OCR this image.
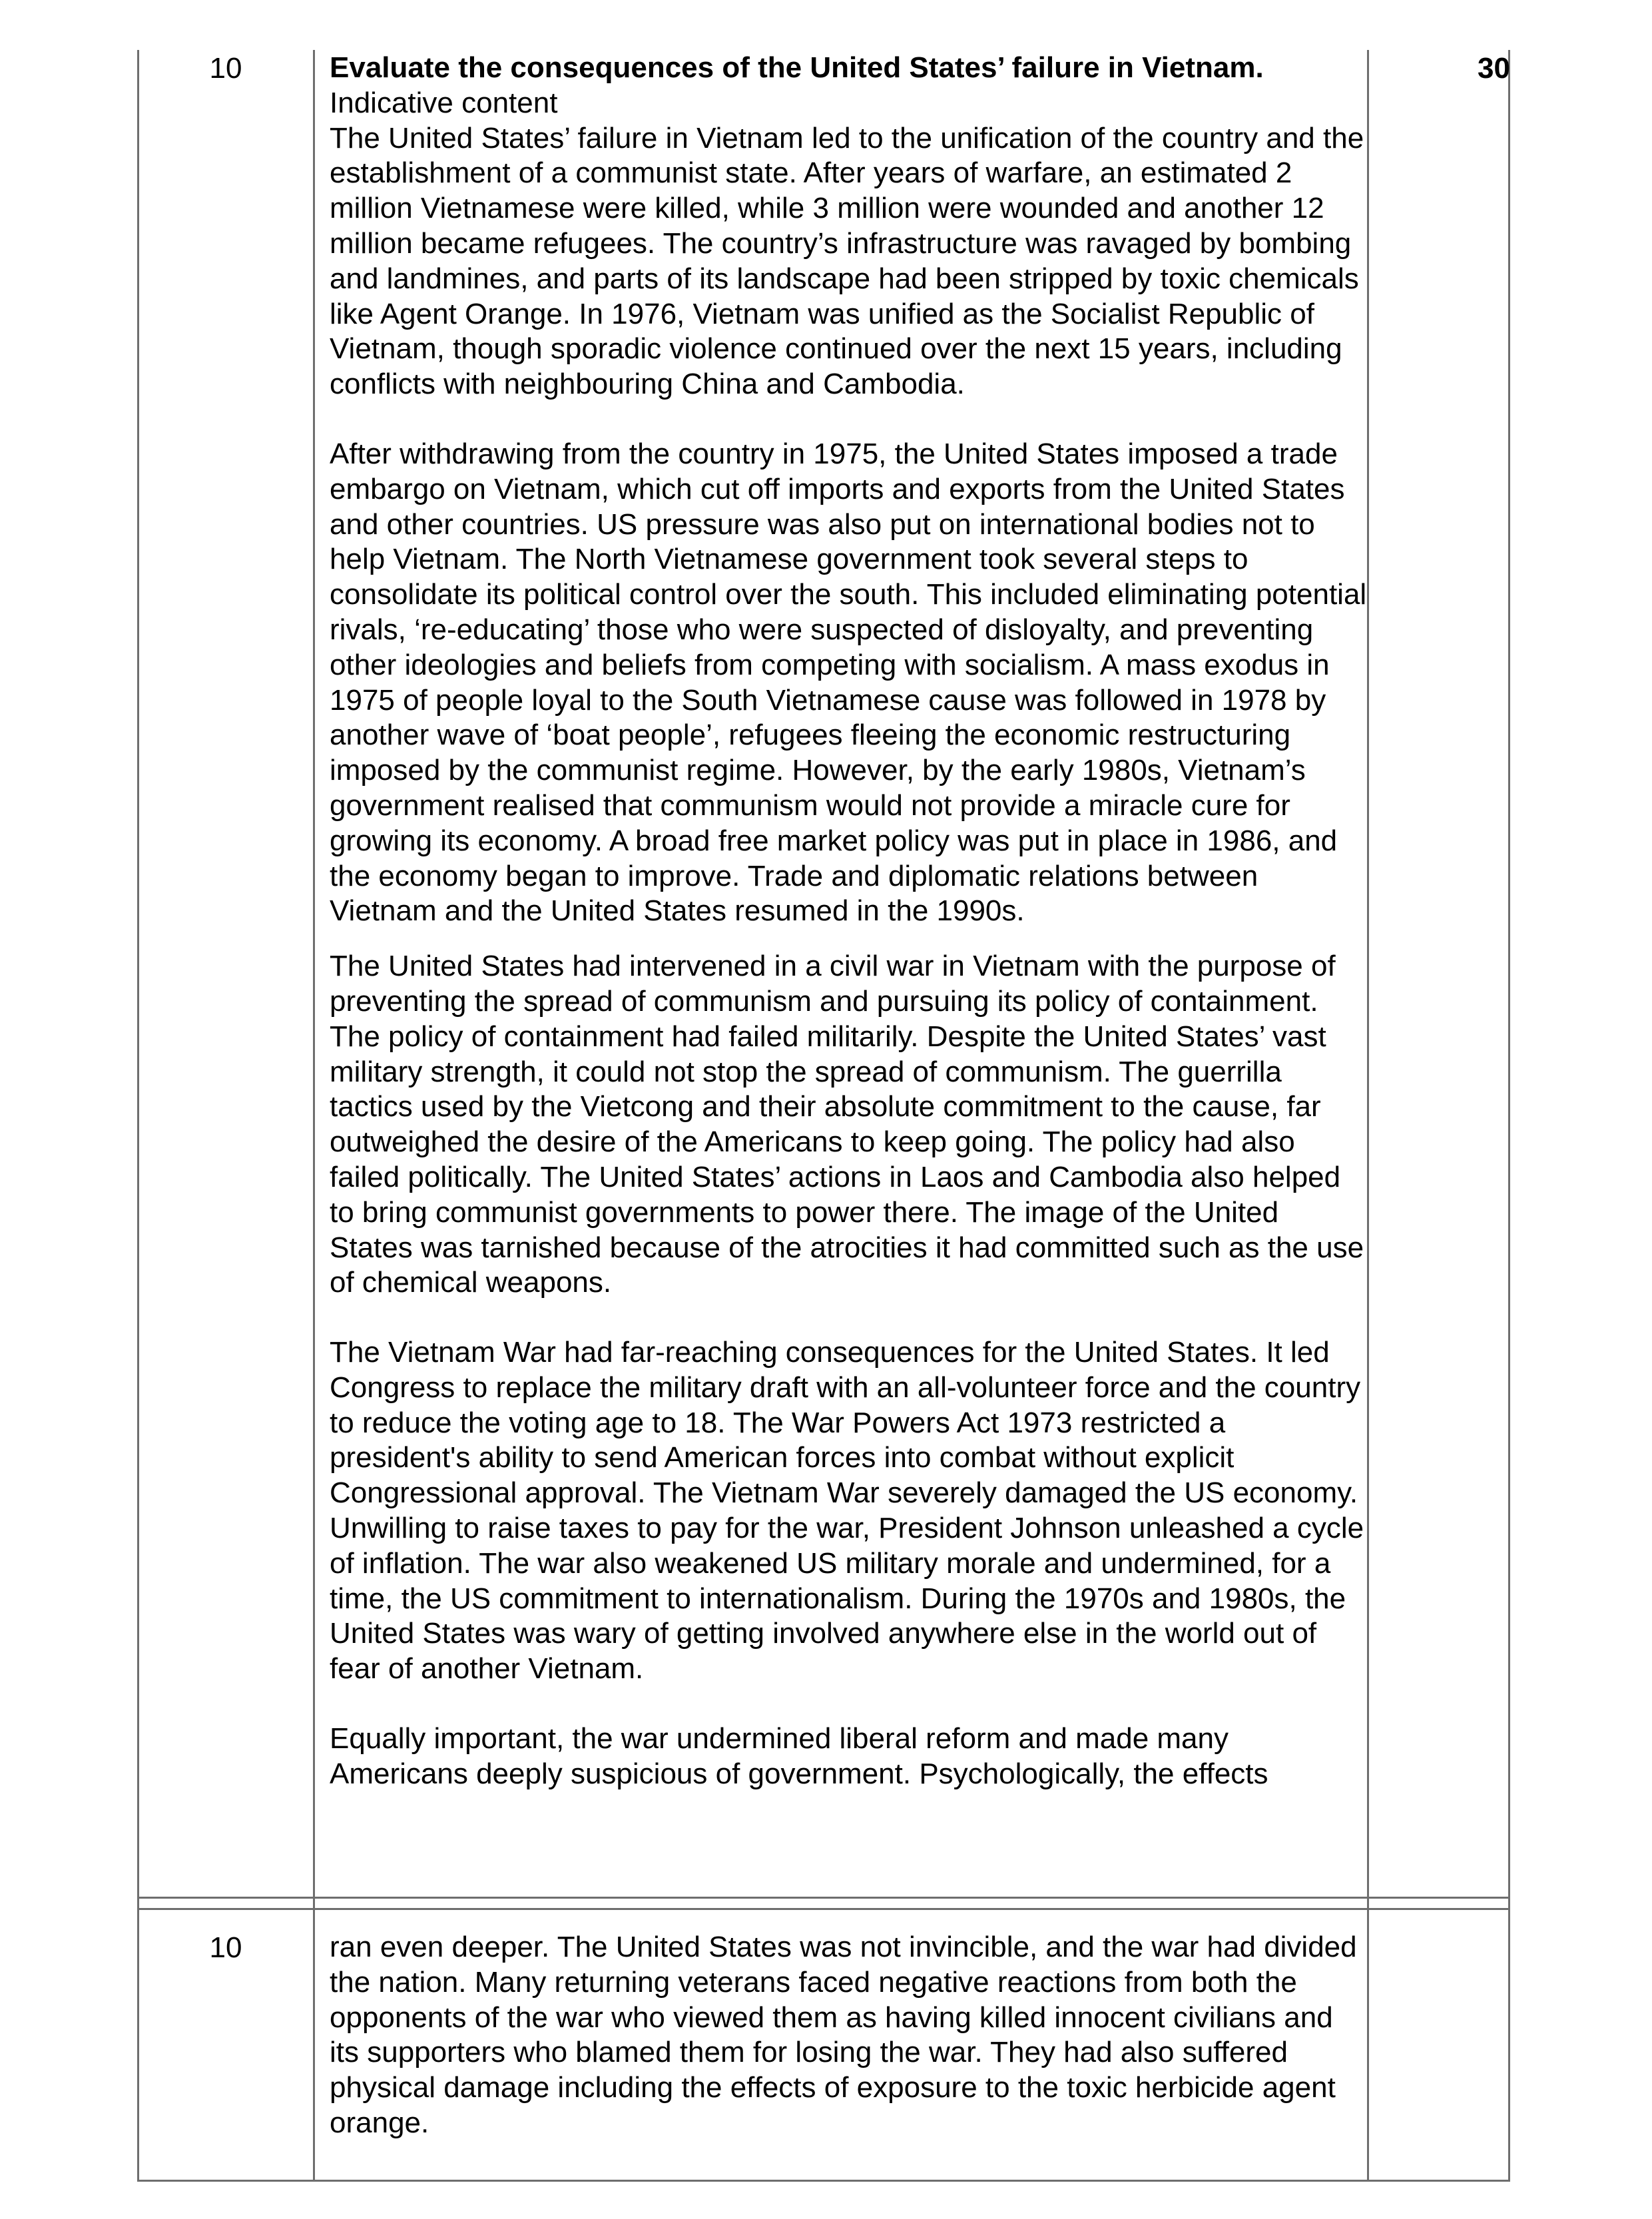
10	Evaluate the consequences of the United States’ failure in Vietnam.

Indicative content

The United States’ failure in Vietnam led to the unification of the country and the establishment of a communist state. After years of warfare, an estimated 2 million Vietnamese were killed, while 3 million were wounded and another 12 million became refugees. The country’s infrastructure was ravaged by bombing and landmines, and parts of its landscape had been stripped by toxic chemicals like Agent Orange. In 1976, Vietnam was unified as the Socialist Republic of Vietnam, though sporadic violence continued over the next 15 years, including conflicts with neighbouring China and Cambodia.

After withdrawing from the country in 1975, the United States imposed a trade embargo on Vietnam, which cut off imports and exports from the United States and other countries. US pressure was also put on international bodies not to help Vietnam. The North Vietnamese government took several steps to consolidate its political control over the south. This included eliminating potential rivals, ‘re-educating’ those who were suspected of disloyalty, and preventing other ideologies and beliefs from competing with socialism. A mass exodus in 1975 of people loyal to the South Vietnamese cause was followed in 1978 by another wave of ‘boat people’, refugees fleeing the economic restructuring imposed by the communist regime. However, by the early 1980s, Vietnam’s government realised that communism would not provide a miracle cure for growing its economy. A broad free market policy was put in place in 1986, and the economy began to improve. Trade and diplomatic relations between Vietnam and the United States resumed in the 1990s.

The United States had intervened in a civil war in Vietnam with the purpose of preventing the spread of communism and pursuing its policy of containment. The policy of containment had failed militarily. Despite the United States’ vast military strength, it could not stop the spread of communism. The guerrilla tactics used by the Vietcong and their absolute commitment to the cause, far outweighed the desire of the Americans to keep going. The policy had also failed politically. The United States’ actions in Laos and Cambodia also helped to bring communist governments to power there. The image of the United States was tarnished because of the atrocities it had committed such as the use of chemical weapons.

The Vietnam War had far-reaching consequences for the United States. It led Congress to replace the military draft with an all-volunteer force and the country to reduce the voting age to 18. The War Powers Act 1973 restricted a president's ability to send American forces into combat without explicit Congressional approval. The Vietnam War severely damaged the US economy. Unwilling to raise taxes to pay for the war, President Johnson unleashed a cycle of inflation. The war also weakened US military morale and undermined, for a time, the US commitment to internationalism. During the 1970s and 1980s, the United States was wary of getting involved anywhere else in the world out of fear of another Vietnam.

Equally important, the war undermined liberal reform and made many Americans deeply suspicious of government. Psychologically, the effects

30
10	ran even deeper. The United States was not invincible, and the war had divided the nation. Many returning veterans faced negative reactions from both the opponents of the war who viewed them as having killed innocent civilians and its supporters who blamed them for losing the war. They had also suffered physical damage including the effects of exposure to the toxic herbicide agent orange.
